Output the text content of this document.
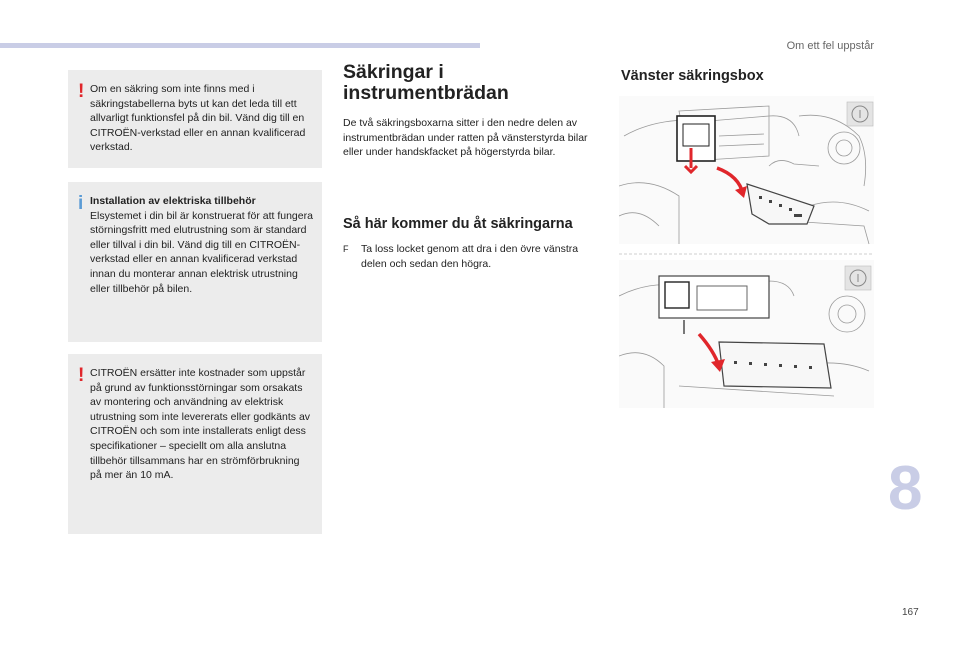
Om ett fel uppstår
! Om en säkring som inte finns med i säkringstabellerna byts ut kan det leda till ett allvarligt funktionsfel på din bil. Vänd dig till en CITROËN-verkstad eller en annan kvalificerad verkstad.
i Installation av elektriska tillbehör
Elsystemet i din bil är konstruerat för att fungera störningsfritt med elutrustning som är standard eller tillval i din bil. Vänd dig till en CITROËN-verkstad eller en annan kvalificerad verkstad innan du monterar annan elektrisk utrustning eller tillbehör på bilen.
! CITROËN ersätter inte kostnader som uppstår på grund av funktionsstörningar som orsakats av montering och användning av elektrisk utrustning som inte levererats eller godkänts av CITROËN och som inte installerats enligt dess specifikationer – speciellt om alla anslutna tillbehör tillsammans har en strömförbrukning på mer än 10 mA.
Säkringar i instrumentbrädan
De två säkringsboxarna sitter i den nedre delen av instrumentbrädan under ratten på vänsterstyrda bilar eller under handskfacket på högerstyrda bilar.
Så här kommer du åt säkringarna
F	Ta loss locket genom att dra i den övre vänstra delen och sedan den högra.
Vänster säkringsbox
8
167
